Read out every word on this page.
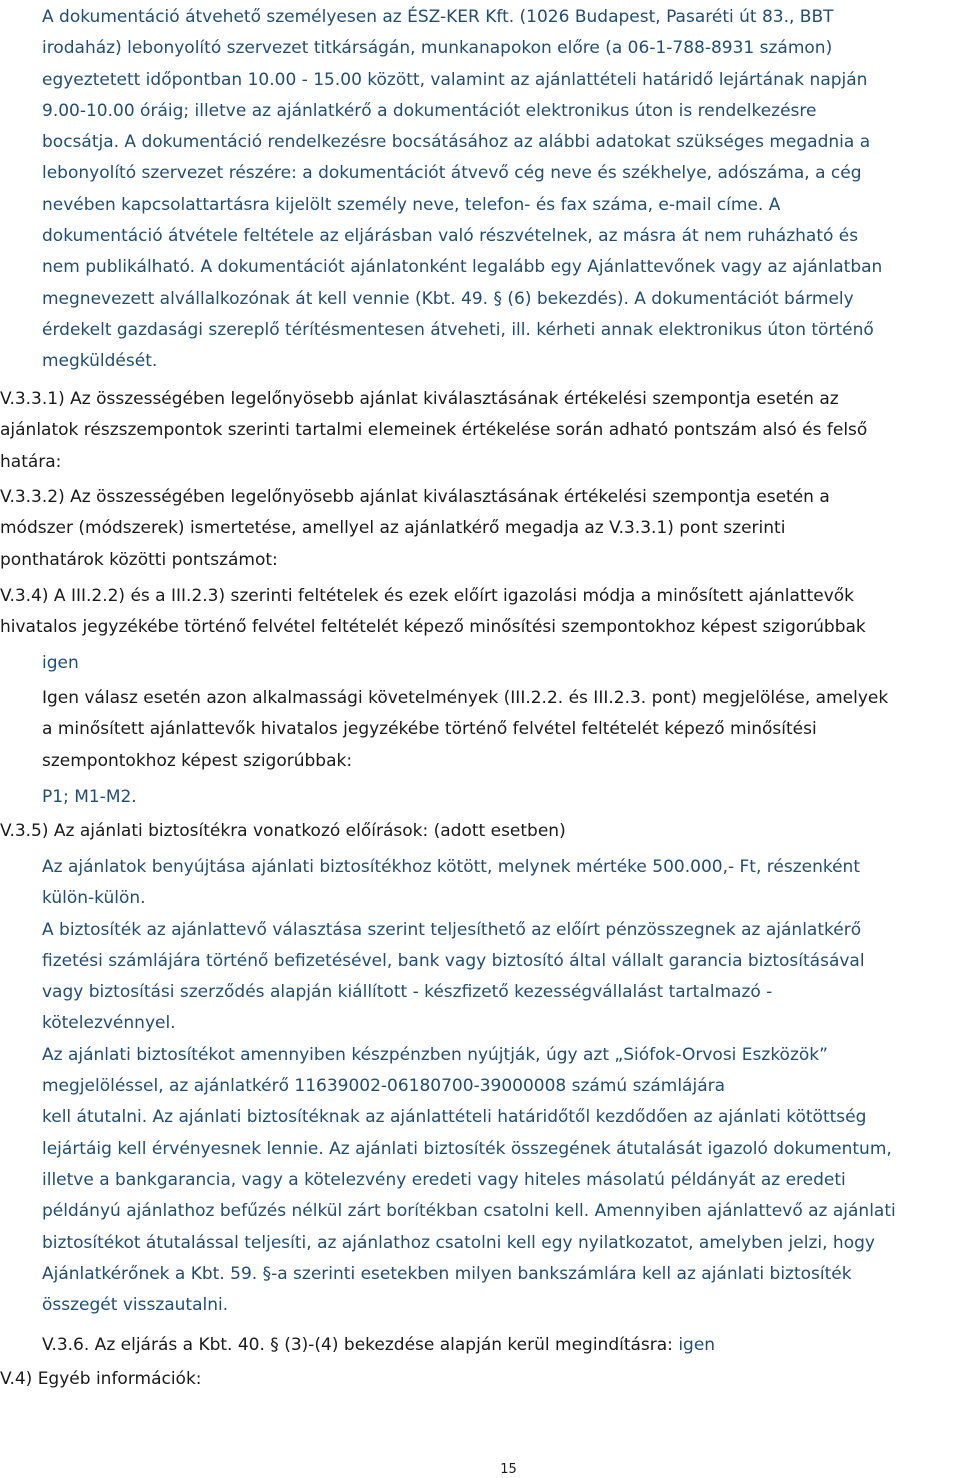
A dokumentáció átvehető személyesen az ÉSZ-KER Kft. (1026 Budapest, Pasaréti út 83., BBT
irodaház) lebonyolító szervezet titkárságán, munkanapokon előre (a 06-1-788-8931 számon)
egyeztetett időpontban 10.00 - 15.00 között, valamint az ajánlattételi határidő lejártának napján
9.00-10.00 óráig; illetve az ajánlatkérő a dokumentációt elektronikus úton is rendelkezésre
bocsátja. A dokumentáció rendelkezésre bocsátásához az alábbi adatokat szükséges megadnia a
lebonyolító szervezet részére: a dokumentációt átvevő cég neve és székhelye, adószáma, a cég
nevében kapcsolattartásra kijelölt személy neve, telefon- és fax száma, e-mail címe. A
dokumentáció átvétele feltétele az eljárásban való részvételnek, az másra át nem ruházható és
nem publikálható. A dokumentációt ajánlatonként legalább egy Ajánlattevőnek vagy az ajánlatban
megnevezett alvállalkozónak át kell vennie (Kbt. 49. § (6) bekezdés). A dokumentációt bármely
érdekelt gazdasági szereplő térítésmentesen átveheti, ill. kérheti annak elektronikus úton történő
megküldését.
V.3.3.1) Az összességében legelőnyösebb ajánlat kiválasztásának értékelési szempontja esetén az
ajánlatok részszempontok szerinti tartalmi elemeinek értékelése során adható pontszám alsó és felső
határa:
V.3.3.2) Az összességében legelőnyösebb ajánlat kiválasztásának értékelési szempontja esetén a
módszer (módszerek) ismertetése, amellyel az ajánlatkérő megadja az V.3.3.1) pont szerinti
ponthatárok közötti pontszámot:
V.3.4) A III.2.2) és a III.2.3) szerinti feltételek és ezek előírt igazolási módja a minősített ajánlattevők
hivatalos jegyzékébe történő felvétel feltételét képező minősítési szempontokhoz képest szigorúbbak
igen
Igen válasz esetén azon alkalmassági követelmények (III.2.2. és III.2.3. pont) megjelölése, amelyek
a minősített ajánlattevők hivatalos jegyzékébe történő felvétel feltételét képező minősítési
szempontokhoz képest szigorúbbak:
P1; M1-M2.
V.3.5) Az ajánlati biztosítékra vonatkozó előírások: (adott esetben)
Az ajánlatok benyújtása ajánlati biztosítékhoz kötött, melynek mértéke 500.000,- Ft, részenként
külön-külön.
A biztosíték az ajánlattevő választása szerint teljesíthető az előírt pénzösszegnek az ajánlatkérő
fizetési számlájára történő befizetésével, bank vagy biztosító által vállalt garancia biztosításával
vagy biztosítási szerződés alapján kiállított - készfizető kezességvállalást tartalmazó -
kötelezvénnyel.
Az ajánlati biztosítékot amennyiben készpénzben nyújtják, úgy azt „Siófok-Orvosi Eszközök”
megjelöléssel, az ajánlatkérő 11639002-06180700-39000008 számú számlájára
kell átutalni. Az ajánlati biztosítéknak az ajánlattételi határidőtől kezdődően az ajánlati kötöttség
lejártáig kell érvényesnek lennie. Az ajánlati biztosíték összegének átutalását igazoló dokumentum,
illetve a bankgarancia, vagy a kötelezvény eredeti vagy hiteles másolatú példányát az eredeti
példányú ajánlathoz befűzés nélkül zárt borítékban csatolni kell. Amennyiben ajánlattevő az ajánlati
biztosítékot átutalással teljesíti, az ajánlathoz csatolni kell egy nyilatkozatot, amelyben jelzi, hogy
Ajánlatkérőnek a Kbt. 59. §-a szerinti esetekben milyen bankszámlára kell az ajánlati biztosíték
összegét visszautalni.
V.3.6. Az eljárás a Kbt. 40. § (3)-(4) bekezdése alapján kerül megindításra: igen
V.4) Egyéb információk:
15
